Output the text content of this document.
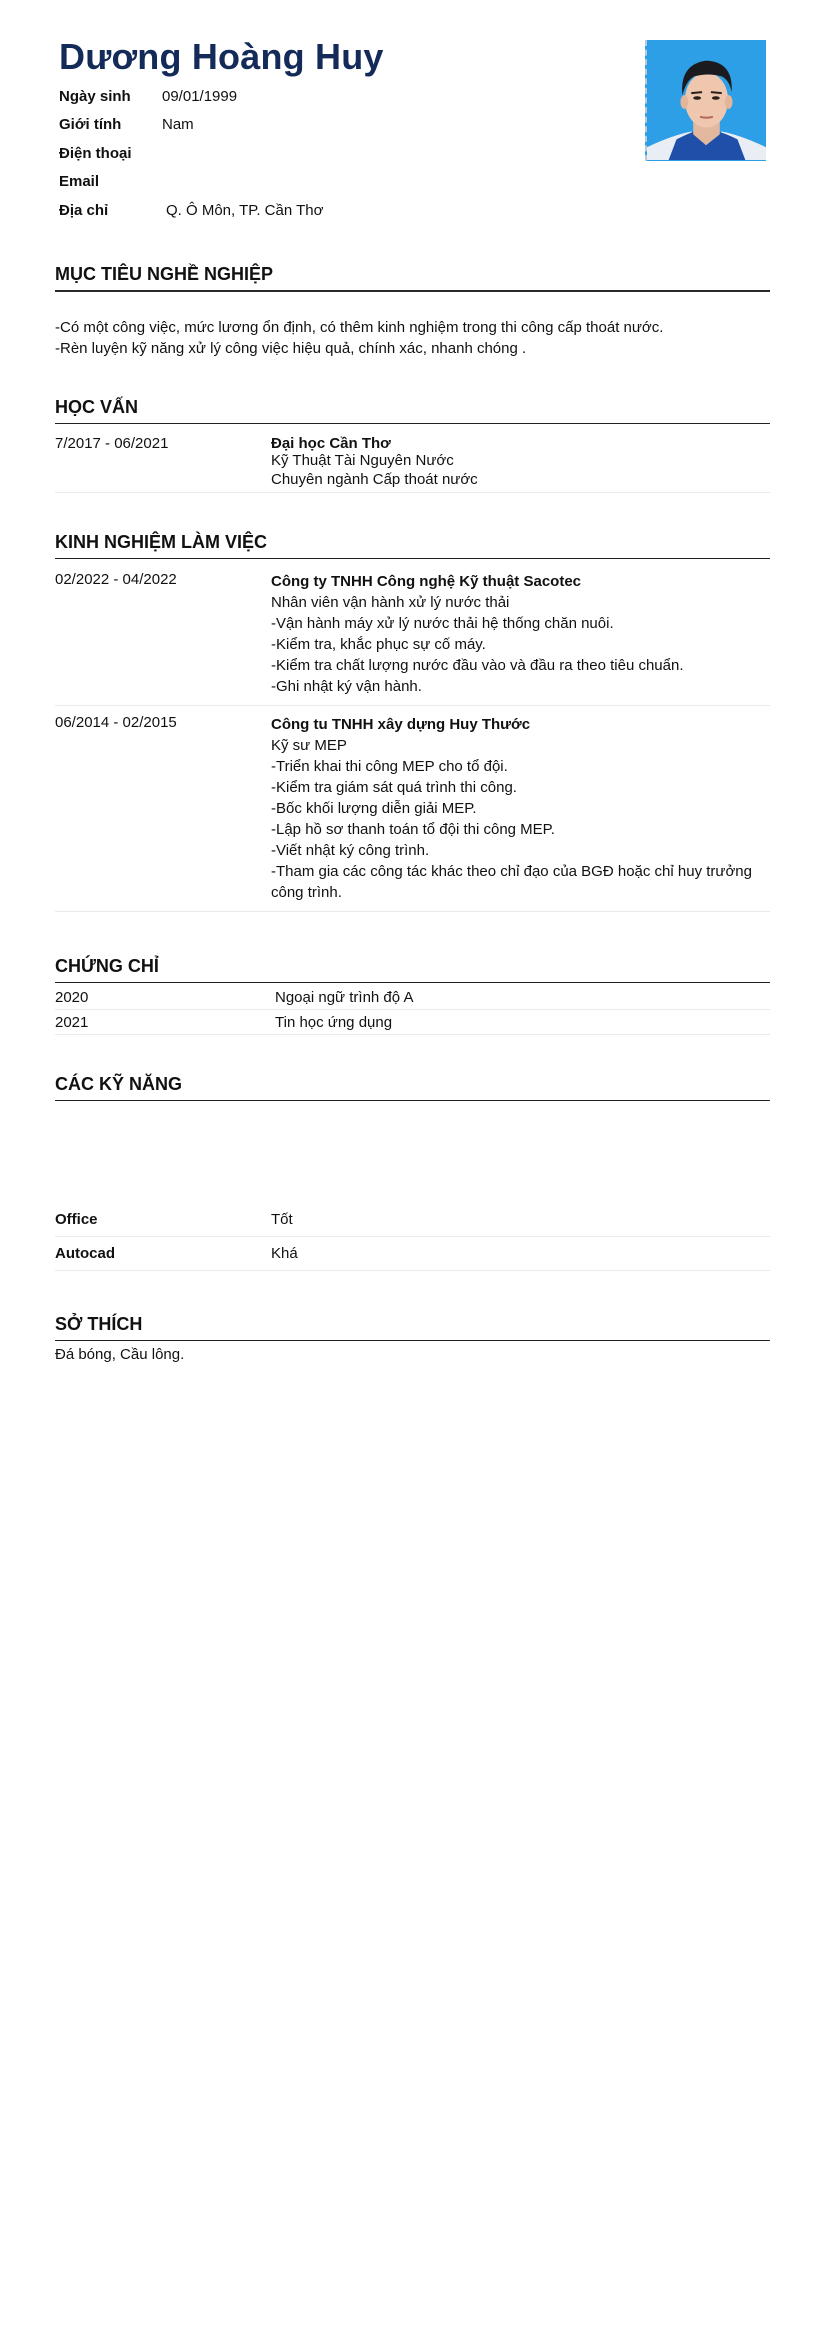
Dương Hoàng Huy
Ngày sinh	09/01/1999
Giới tính	Nam
Điện thoại
Email
Địa chỉ	Q. Ô Môn, TP. Cần Thơ
MỤC TIÊU NGHỀ NGHIỆP
-Có một công việc, mức lương ổn định, có thêm kinh nghiệm trong thi công cấp thoát nước.
-Rèn luyện kỹ năng xử lý công việc hiệu quả, chính xác, nhanh chóng .
HỌC VẤN
7/2017 - 06/2021	Đại học Cần Thơ
Kỹ Thuật Tài Nguyên Nước
Chuyên ngành Cấp thoát nước
KINH NGHIỆM LÀM VIỆC
02/2022 - 04/2022	Công ty TNHH Công nghệ Kỹ thuật Sacotec
Nhân viên vận hành xử lý nước thải
-Vận hành máy xử lý nước thải hệ thống chăn nuôi.
-Kiểm tra, khắc phục sự cố máy.
-Kiểm tra chất lượng nước đầu vào và đầu ra theo tiêu chuẩn.
-Ghi nhật ký vận hành.
06/2014 - 02/2015	Công tu TNHH xây dựng Huy Thước
Kỹ sư MEP
-Triển khai thi công MEP cho tổ đội.
-Kiểm tra giám sát quá trình thi công.
-Bốc khối lượng diễn giải MEP.
-Lập hồ sơ thanh toán tổ đội thi công MEP.
-Viết nhật ký công trình.
-Tham gia các công tác khác theo chỉ đạo của BGĐ hoặc chỉ huy trưởng công trình.
CHỨNG CHỈ
2020	Ngoại ngữ trình độ A
2021	Tin học ứng dụng
CÁC KỸ NĂNG
Office	Tốt
Autocad	Khá
SỞ THÍCH
Đá bóng, Cầu lông.
